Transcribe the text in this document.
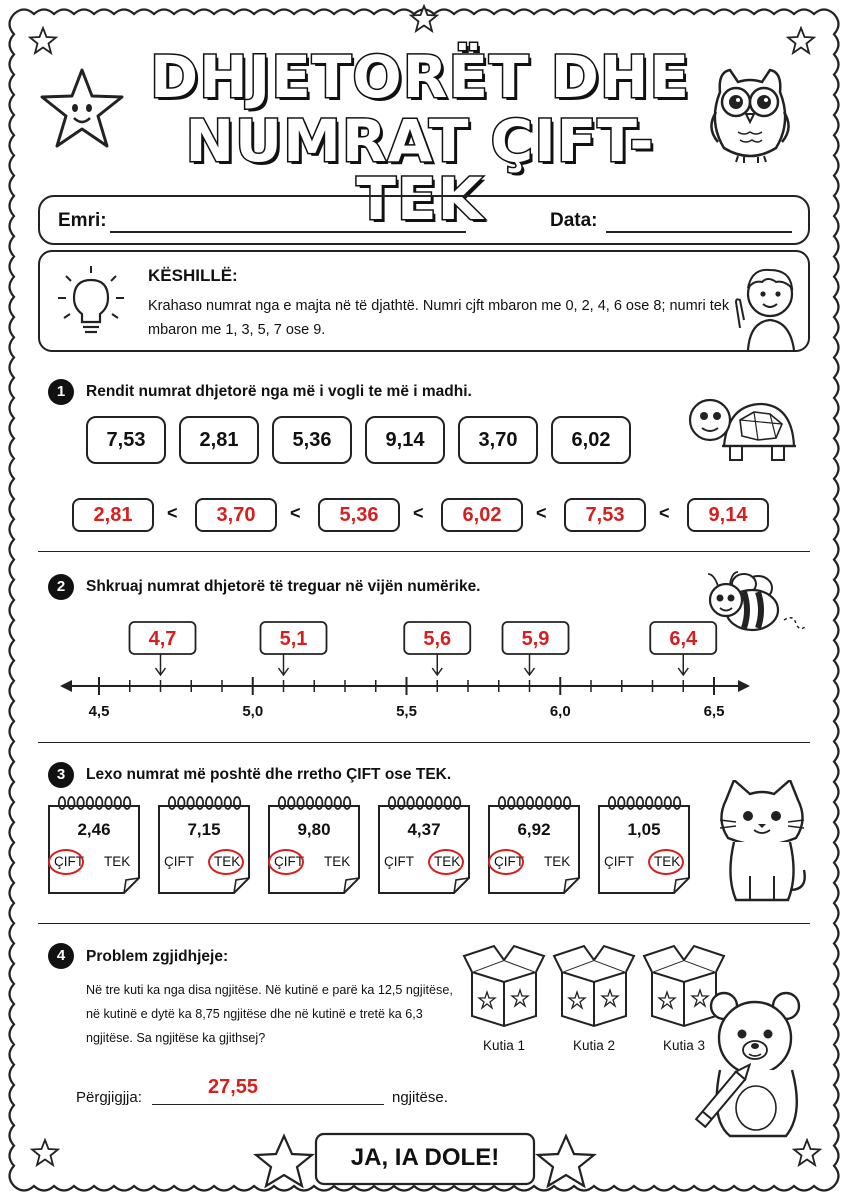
DHJETORËT DHE
NUMRAT ÇIFT-TEK
Emri:	Data:
KËSHILLË:
Krahaso numrat nga e majta në të djathtë. Numri cjft mbaron me 0, 2, 4, 6 ose 8; numri tek mbaron me 1, 3, 5, 7 ose 9.
1	Rendit numrat dhjetorë nga më i vogli te më i madhi.
7,53	2,81	5,36	9,14	3,70	6,02
2,81	<	3,70	<	5,36	<	6,02	<	7,53	<	9,14
2	Shkruaj numrat dhjetorë të treguar në vijën numërike.
4,5	5,0	5,5	6,0	6,5
4,7	5,1	5,6	5,9	6,4
3	Lexo numrat më poshtë dhe rretho ÇIFT ose TEK.
2,46
ÇIFT TEK
7,15
ÇIFT TEK
9,80
ÇIFT TEK
4,37
ÇIFT TEK
6,92
ÇIFT TEK
1,05
ÇIFT TEK
4	Problem zgjidhjeje:
Në tre kuti ka nga disa ngjitëse. Në kutinë e parë ka 12,5 ngjitëse, në kutinë e dytë ka 8,75 ngjitëse dhe në kutinë e tretë ka 6,3 ngjitëse. Sa ngjitëse ka gjithsej?	Kutia 1	Kutia 2	Kutia 3
Përgjigjja:	27,55	ngjitëse.
JA, IA DOLE!
